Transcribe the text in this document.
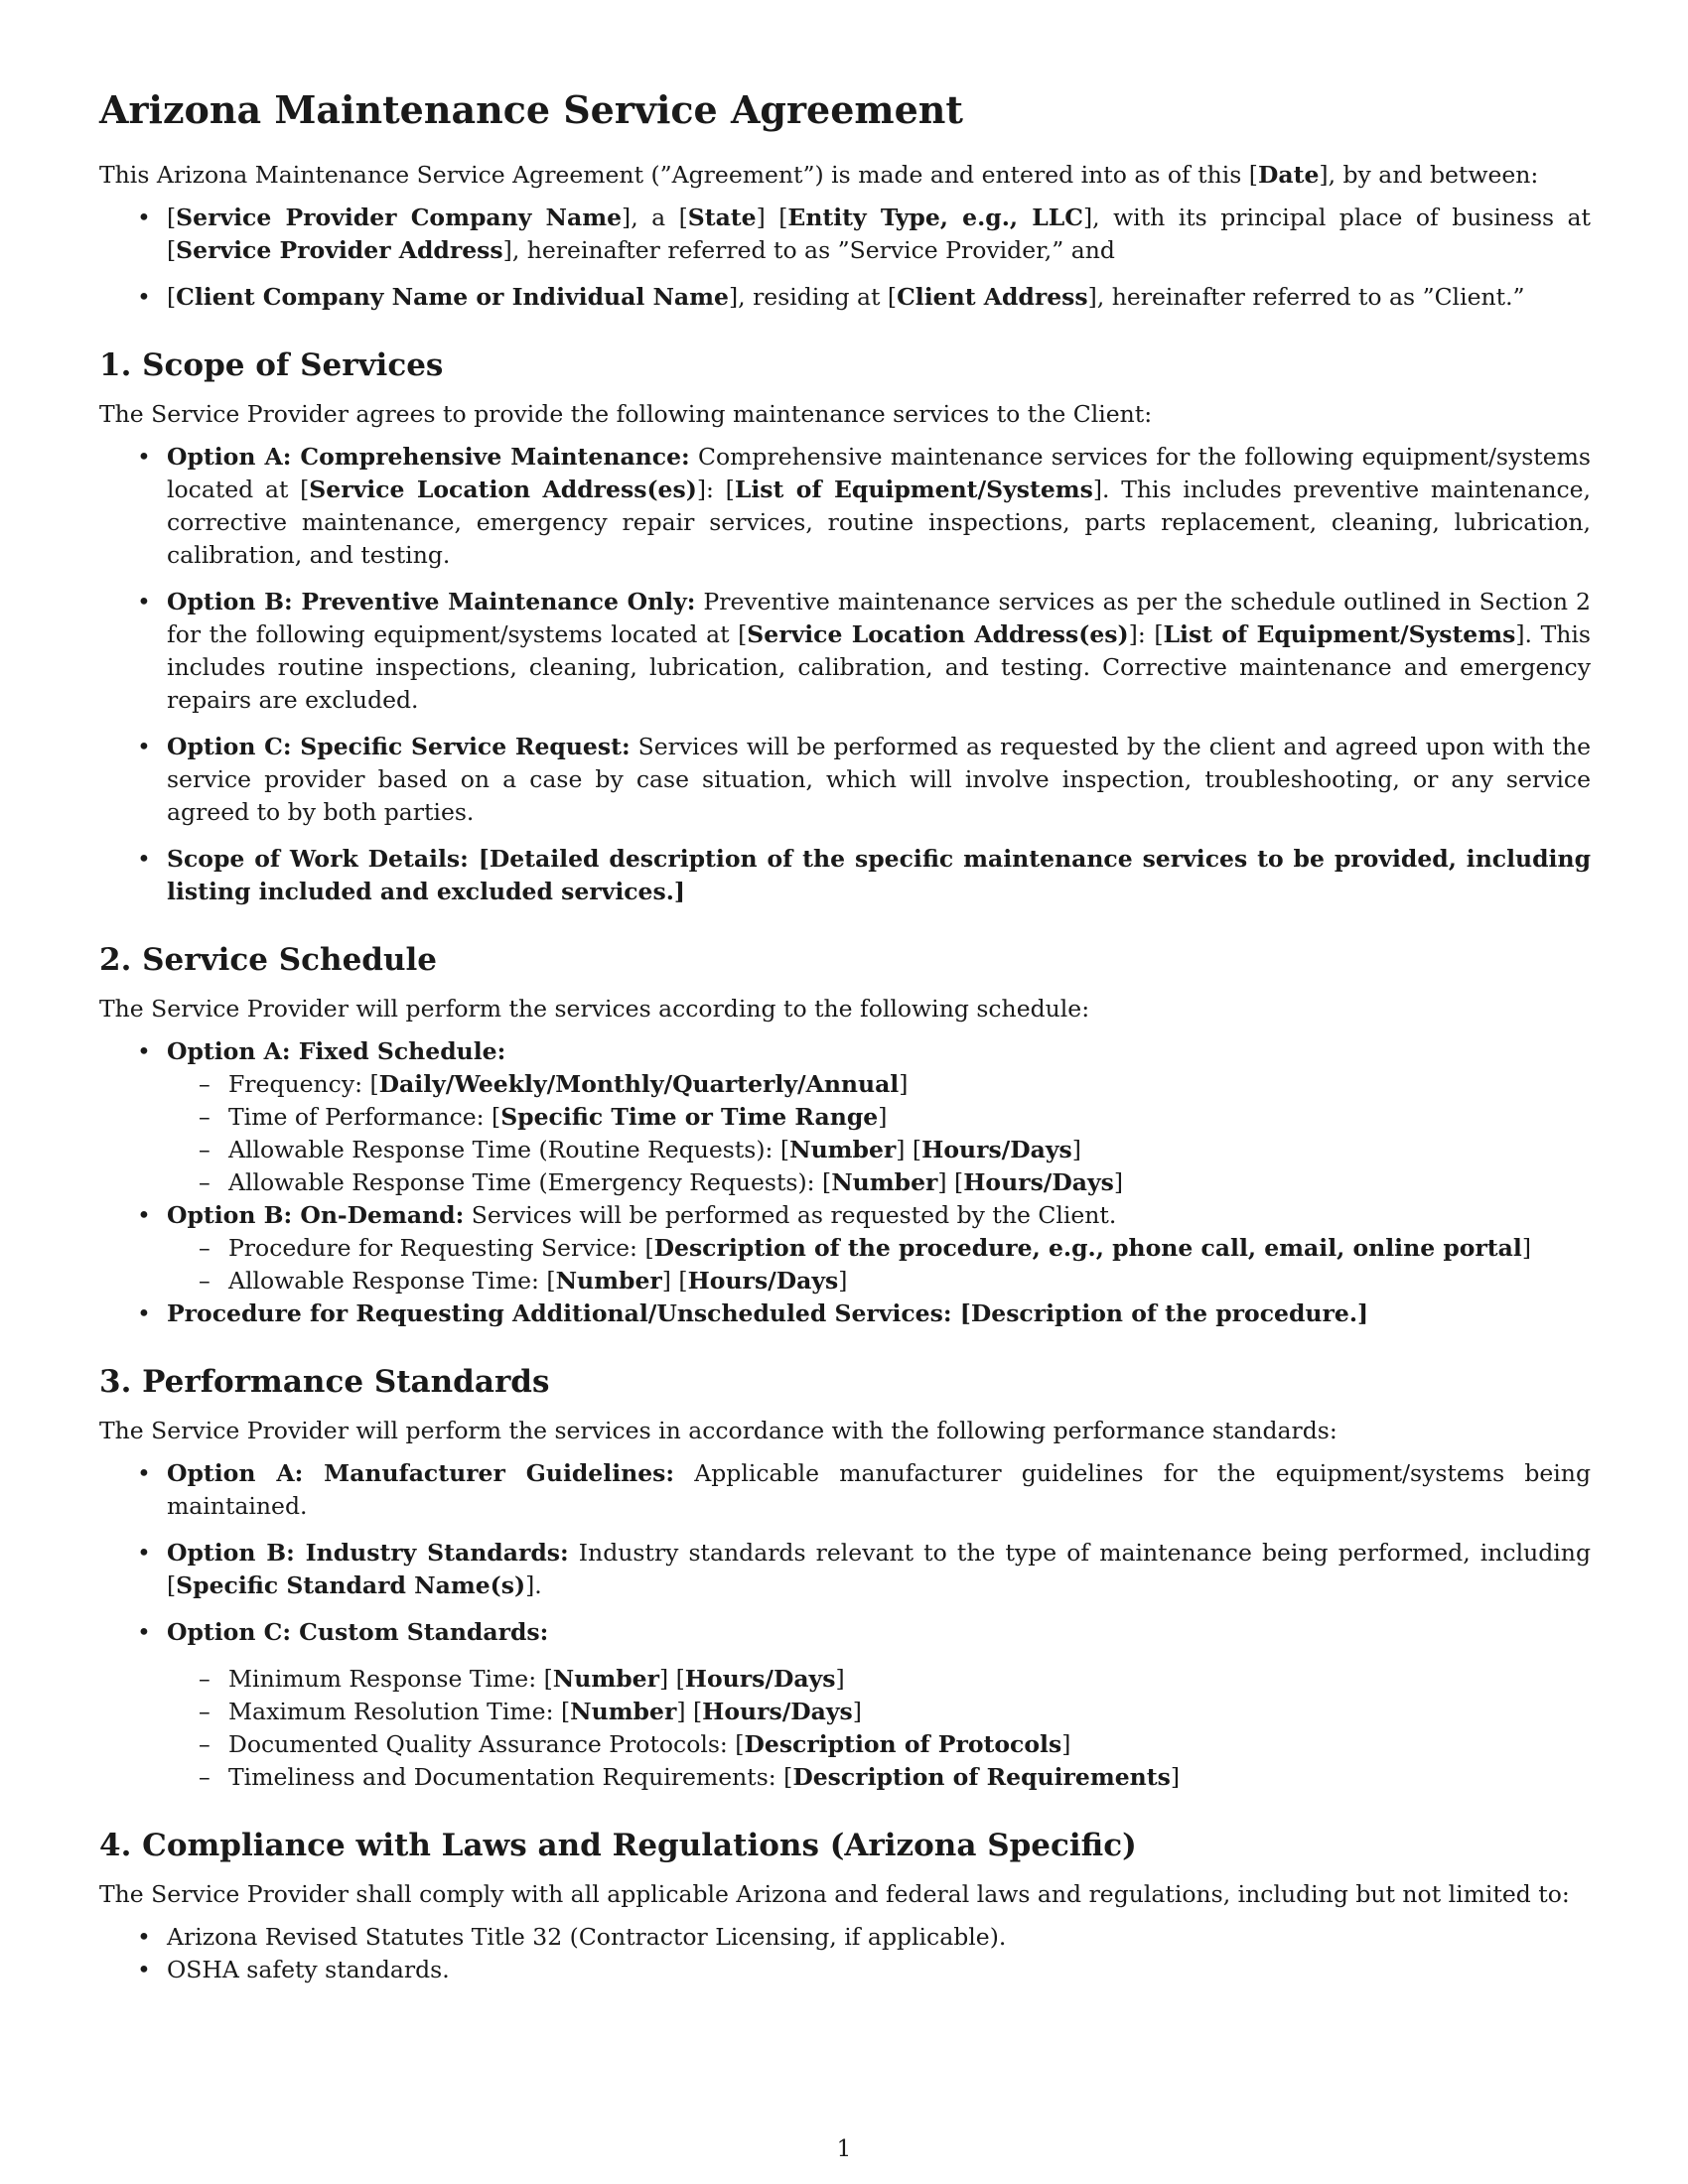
Arizona Maintenance Service Agreement

This Arizona Maintenance Service Agreement (”Agreement”) is made and entered into as of this [Date], by and between:

• [Service Provider Company Name], a [State] [Entity Type, e.g., LLC], with its principal place of business at [Service Provider Address], hereinafter referred to as ”Service Provider,” and
• [Client Company Name or Individual Name], residing at [Client Address], hereinafter referred to as ”Client.”
1. Scope of Services

The Service Provider agrees to provide the following maintenance services to the Client:

• Option A: Comprehensive Maintenance: Comprehensive maintenance services for the following equipment/systems located at [Service Location Address(es)]: [List of Equipment/Systems]. This includes preventive maintenance, corrective maintenance, emergency repair services, routine inspections, parts replacement, cleaning, lubrication, calibration, and testing.
• Option B: Preventive Maintenance Only: Preventive maintenance services as per the schedule outlined in Section 2 for the following equipment/systems located at [Service Location Address(es)]: [List of Equipment/Systems]. This includes routine inspections, cleaning, lubrication, calibration, and testing. Corrective maintenance and emergency repairs are excluded.
• Option C: Specific Service Request: Services will be performed as requested by the client and agreed upon with the service provider based on a case by case situation, which will involve inspection, troubleshooting, or any service agreed to by both parties.
• Scope of Work Details: [Detailed description of the specific maintenance services to be provided, including listing included and excluded services.]
2. Service Schedule

The Service Provider will perform the services according to the following schedule:

• Option A: Fixed Schedule:
– Frequency: [Daily/Weekly/Monthly/Quarterly/Annual]
– Time of Performance: [Specific Time or Time Range]
– Allowable Response Time (Routine Requests): [Number] [Hours/Days]
– Allowable Response Time (Emergency Requests): [Number] [Hours/Days]
• Option B: On-Demand: Services will be performed as requested by the Client.
– Procedure for Requesting Service: [Description of the procedure, e.g., phone call, email, online portal]
– Allowable Response Time: [Number] [Hours/Days]
• Procedure for Requesting Additional/Unscheduled Services: [Description of the procedure.]
3. Performance Standards

The Service Provider will perform the services in accordance with the following performance standards:

• Option A: Manufacturer Guidelines: Applicable manufacturer guidelines for the equipment/systems being maintained.
• Option B: Industry Standards: Industry standards relevant to the type of maintenance being performed, including [Specific Standard Name(s)].
• Option C: Custom Standards:
– Minimum Response Time: [Number] [Hours/Days]
– Maximum Resolution Time: [Number] [Hours/Days]
– Documented Quality Assurance Protocols: [Description of Protocols]
– Timeliness and Documentation Requirements: [Description of Requirements]
4. Compliance with Laws and Regulations (Arizona Specific)

The Service Provider shall comply with all applicable Arizona and federal laws and regulations, including but not limited to:

• Arizona Revised Statutes Title 32 (Contractor Licensing, if applicable).
• OSHA safety standards.
1
